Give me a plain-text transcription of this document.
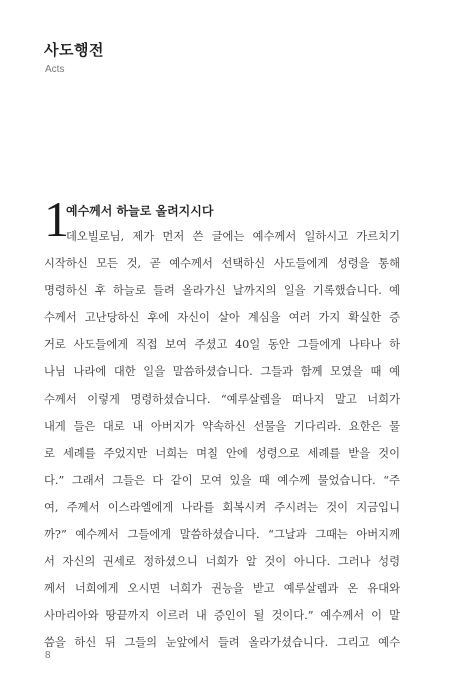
사도행전
Acts
1
예수께서 하늘로 올려지시다
데오빌로님, 제가 먼저 쓴 글에는 예수께서 일하시고 가르치기
시작하신 모든 것, 곧 예수께서 선택하신 사도들에게 성령을 통해
명령하신 후 하늘로 들려 올라가신 날까지의 일을 기록했습니다. 예
수께서 고난당하신 후에 자신이 살아 계심을 여러 가지 확실한 증
거로 사도들에게 직접 보여 주셨고 40일 동안 그들에게 나타나 하
나님 나라에 대한 일을 말씀하셨습니다. 그들과 함께 모였을 때 예
수께서 이렇게 명령하셨습니다. “예루살렘을 떠나지 말고 너희가
내게 들은 대로 내 아버지가 약속하신 선물을 기다리라. 요한은 물
로 세례를 주었지만 너희는 며칠 안에 성령으로 세례를 받을 것이
다.” 그래서 그들은 다 같이 모여 있을 때 예수께 물었습니다. “주
여, 주께서 이스라엘에게 나라를 회복시켜 주시려는 것이 지금입니
까?” 예수께서 그들에게 말씀하셨습니다. “그날과 그때는 아버지께
서 자신의 권세로 정하셨으니 너희가 알 것이 아니다. 그러나 성령
께서 너희에게 오시면 너희가 권능을 받고 예루살렘과 온 유대와
사마리아와 땅끝까지 이르러 내 증인이 될 것이다.” 예수께서 이 말
씀을 하신 뒤 그들의 눈앞에서 들려 올라가셨습니다. 그리고 예수
8
